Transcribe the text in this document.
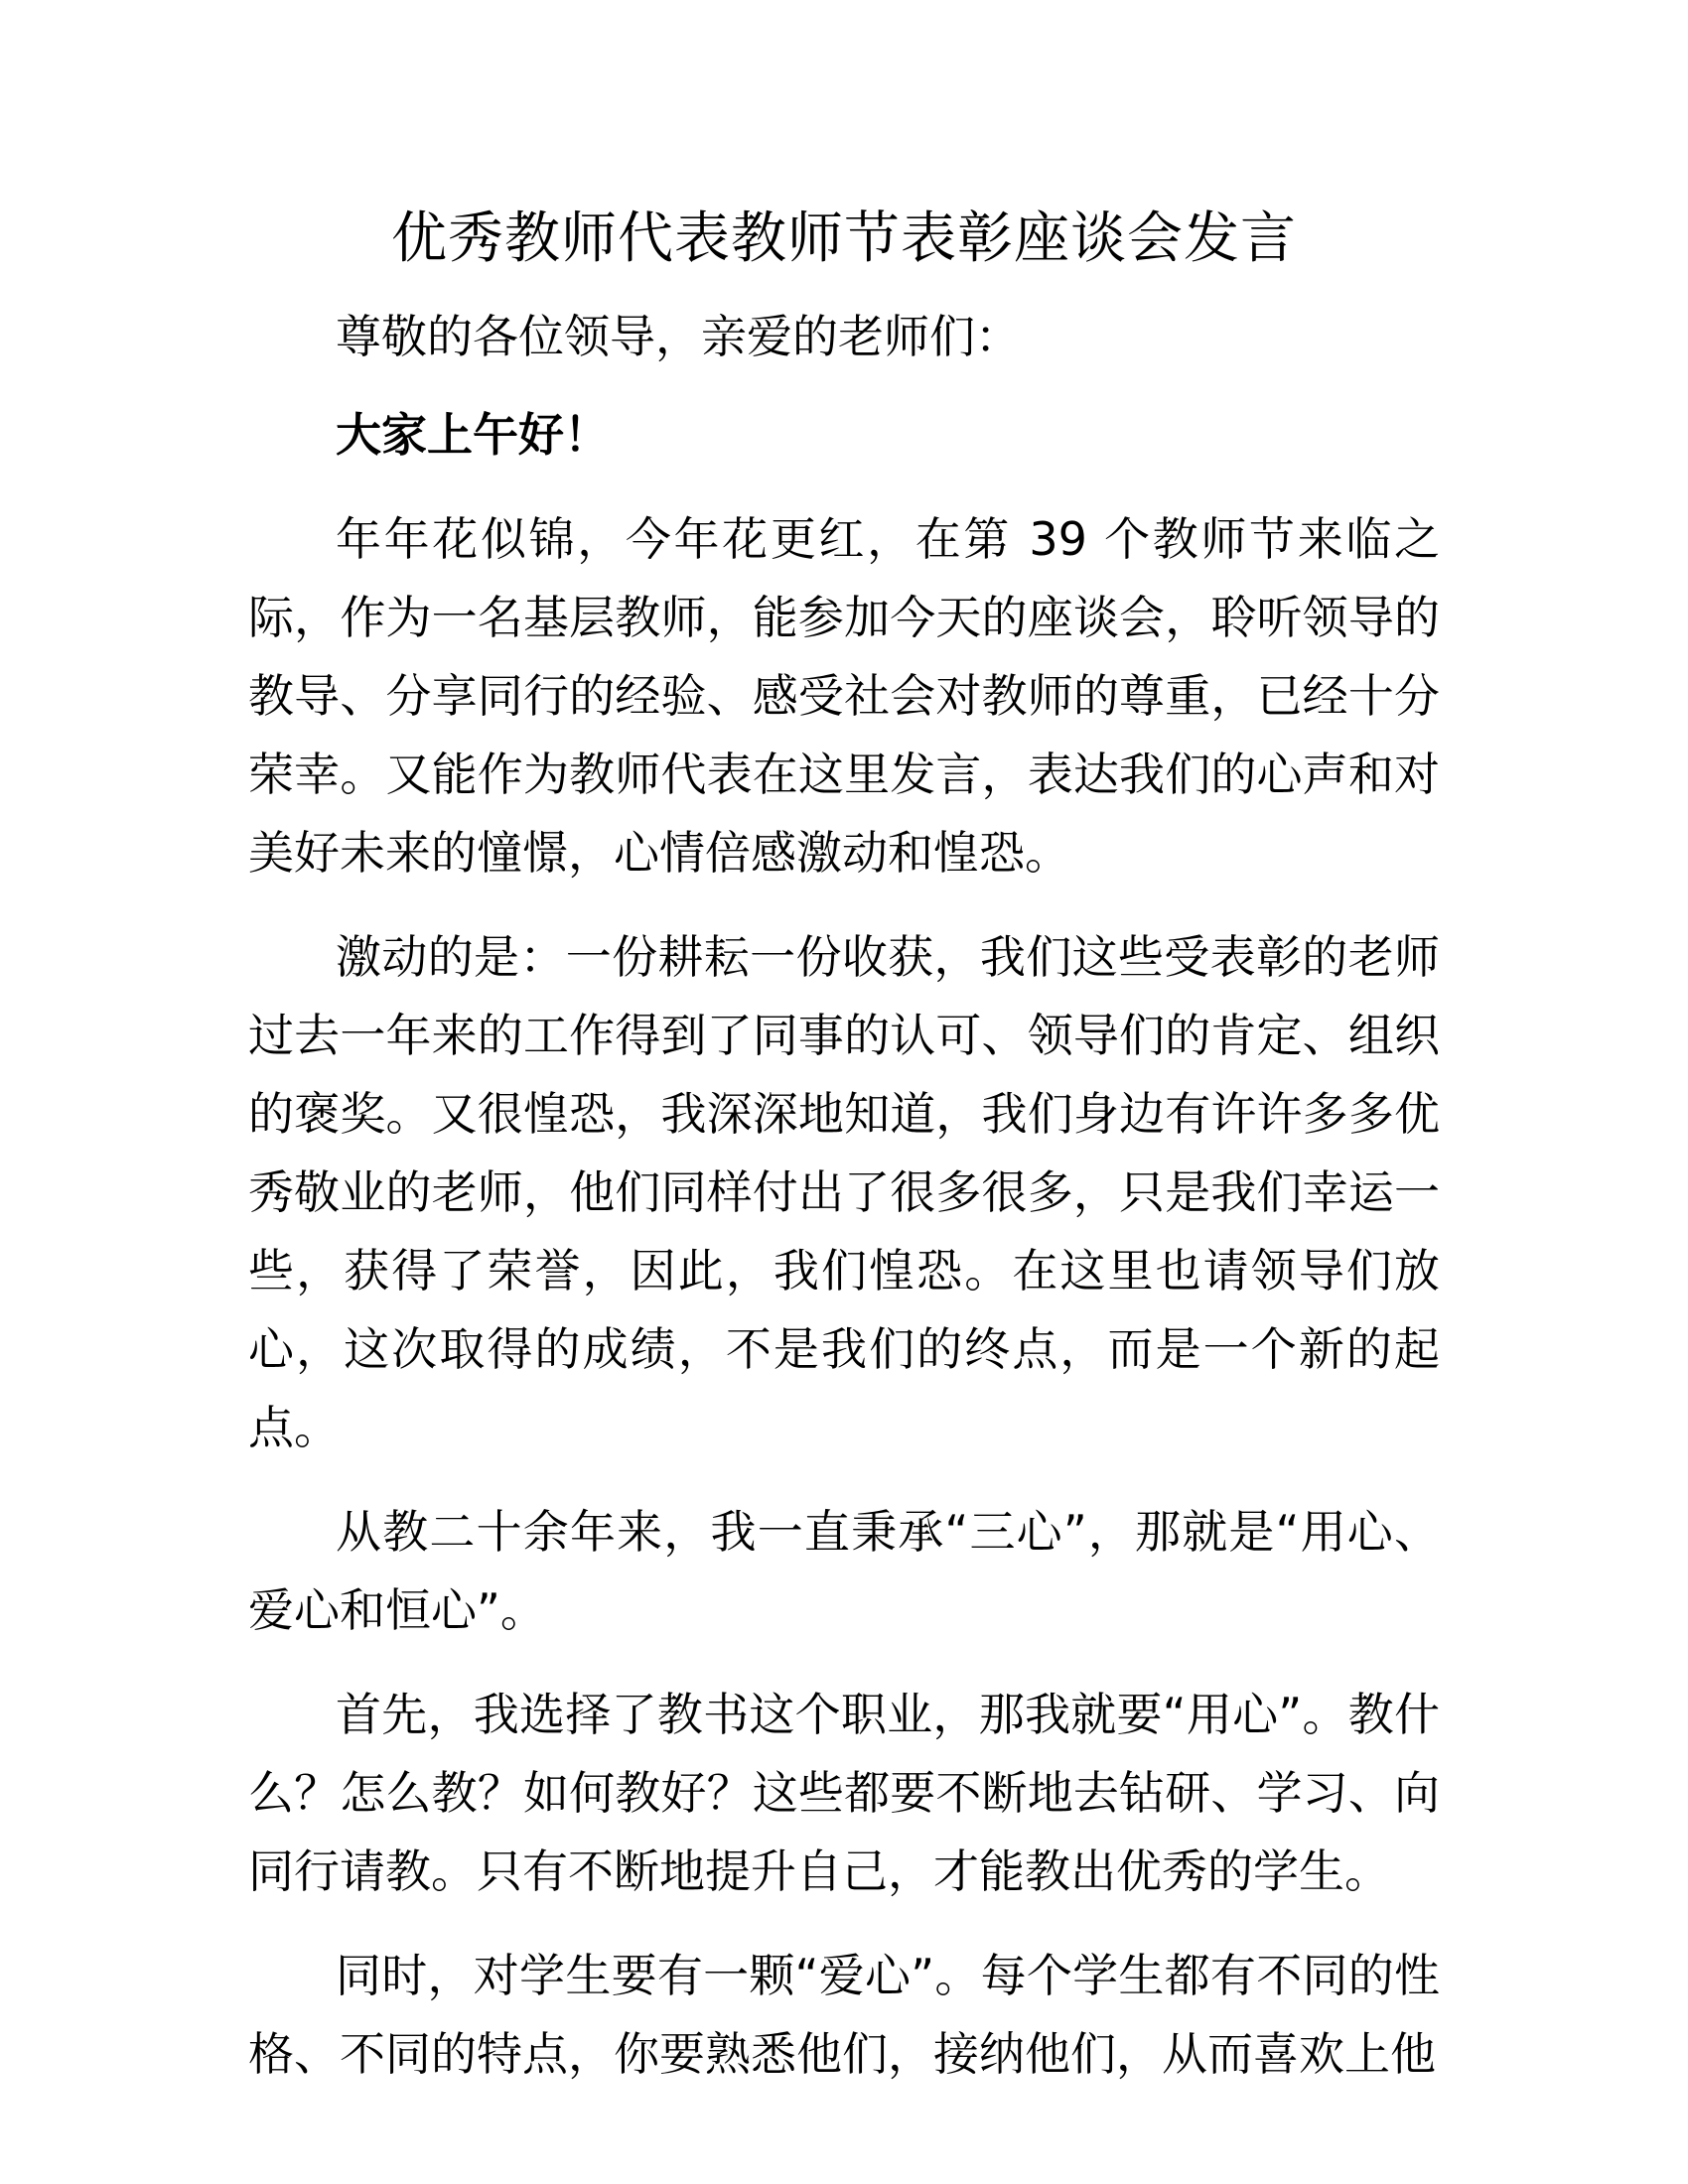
优秀教师代表教师节表彰座谈会发言

尊敬的各位领导，亲爱的老师们：

大家上午好！

年年花似锦，今年花更红，在第 39 个教师节来临之际，作为一名基层教师，能参加今天的座谈会，聆听领导的教导、分享同行的经验、感受社会对教师的尊重，已经十分荣幸。又能作为教师代表在这里发言，表达我们的心声和对美好未来的憧憬，心情倍感激动和惶恐。

激动的是：一份耕耘一份收获，我们这些受表彰的老师过去一年来的工作得到了同事的认可、领导们的肯定、组织的褒奖。又很惶恐，我深深地知道，我们身边有许许多多优秀敬业的老师，他们同样付出了很多很多，只是我们幸运一些，获得了荣誉，因此，我们惶恐。在这里也请领导们放心，这次取得的成绩，不是我们的终点，而是一个新的起点。

从教二十余年来，我一直秉承“三心”，那就是“用心、爱心和恒心”。

首先，我选择了教书这个职业，那我就要“用心”。教什么？怎么教？如何教好？这些都要不断地去钻研、学习、向同行请教。只有不断地提升自己，才能教出优秀的学生。

同时，对学生要有一颗“爱心”。每个学生都有不同的性格、不同的特点，你要熟悉他们，接纳他们，从而喜欢上他
